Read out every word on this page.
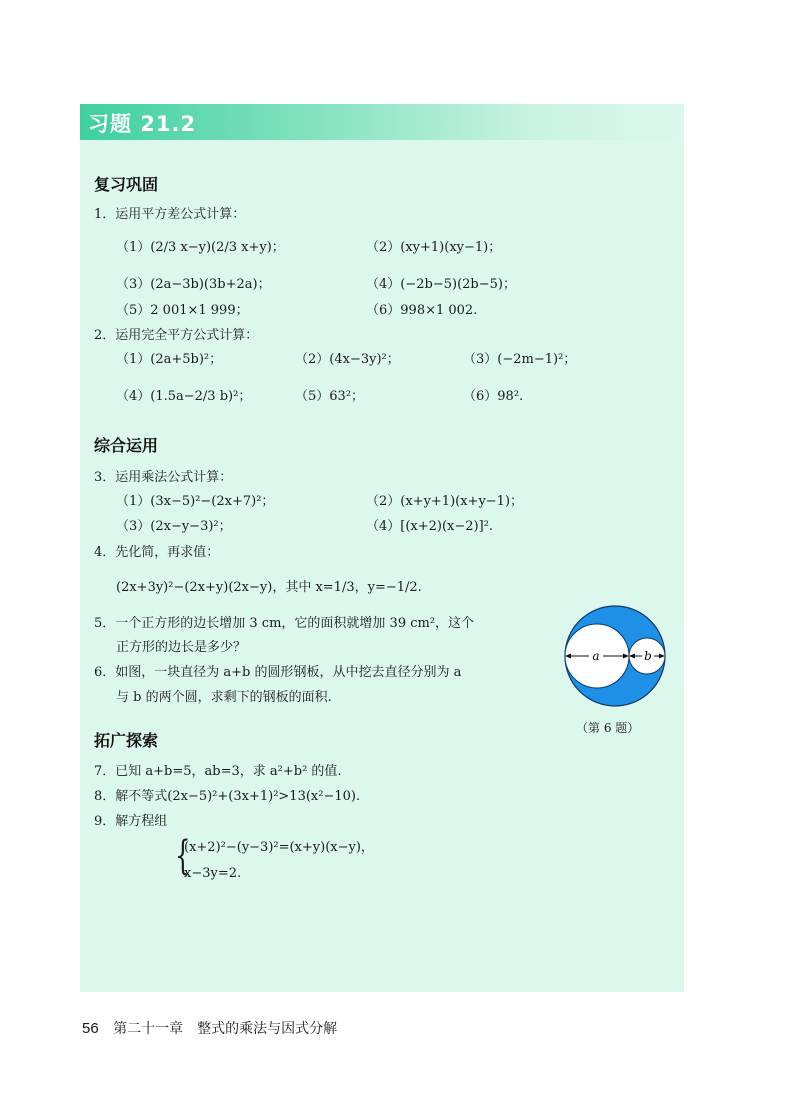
习题 21.2
复习巩固
1．运用平方差公式计算：
（1）(2/3 x−y)(2/3 x+y)；	（2）(xy+1)(xy−1)；
（3）(2a−3b)(3b+2a)；	（4）(−2b−5)(2b−5)；
（5）2 001×1 999；	（6）998×1 002.
2．运用完全平方公式计算：
（1）(2a+5b)²；	（2）(4x−3y)²；	（3）(−2m−1)²；
（4）(1.5a−2/3 b)²；	（5）63²；	（6）98².
综合运用
3．运用乘法公式计算：
（1）(3x−5)²−(2x+7)²；	（2）(x+y+1)(x+y−1)；
（3）(2x−y−3)²；	（4）[(x+2)(x−2)]².
4．先化简，再求值：
(2x+3y)²−(2x+y)(2x−y)，其中 x=1/3，y=−1/2.
5．一个正方形的边长增加 3 cm，它的面积就增加 39 cm²，这个
正方形的边长是多少？
6．如图，一块直径为 a+b 的圆形钢板，从中挖去直径分别为 a
与 b 的两个圆，求剩下的钢板的面积.
a	b
（第 6 题）
拓广探索
7．已知 a+b=5，ab=3，求 a²+b² 的值.
8．解不等式(2x−5)²+(3x+1)²>13(x²−10).
9．解方程组
{
(x+2)²−(y−3)²=(x+y)(x−y)，
x−3y=2.
56 第二十一章　整式的乘法与因式分解
